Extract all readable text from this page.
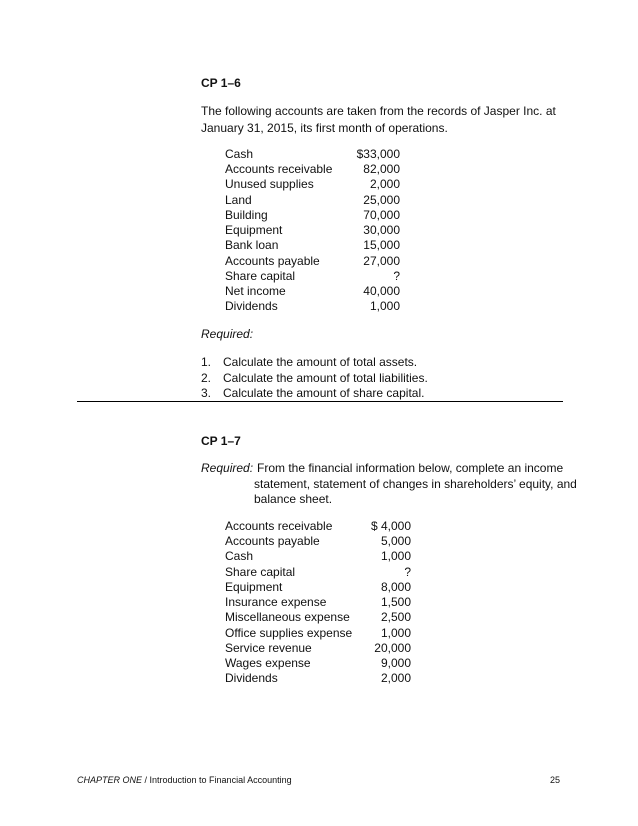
CP 1–6
The following accounts are taken from the records of Jasper Inc. at
January 31, 2015, its first month of operations.
Cash	$33,000
Accounts receivable	82,000
Unused supplies	2,000
Land	25,000
Building	70,000
Equipment	30,000
Bank loan	15,000
Accounts payable	27,000
Share capital	?
Net income	40,000
Dividends	1,000
Required:
1. Calculate the amount of total assets.
2. Calculate the amount of total liabilities.
3. Calculate the amount of share capital.
CP 1–7
Required: From the financial information below, complete an income
statement, statement of changes in shareholders’ equity, and
balance sheet.
Accounts receivable	$ 4,000
Accounts payable	5,000
Cash	1,000
Share capital	?
Equipment	8,000
Insurance expense	1,500
Miscellaneous expense	2,500
Office supplies expense 1,000
Service revenue	20,000
Wages expense	9,000
Dividends	2,000
CHAPTER ONE / Introduction to Financial Accounting	25
